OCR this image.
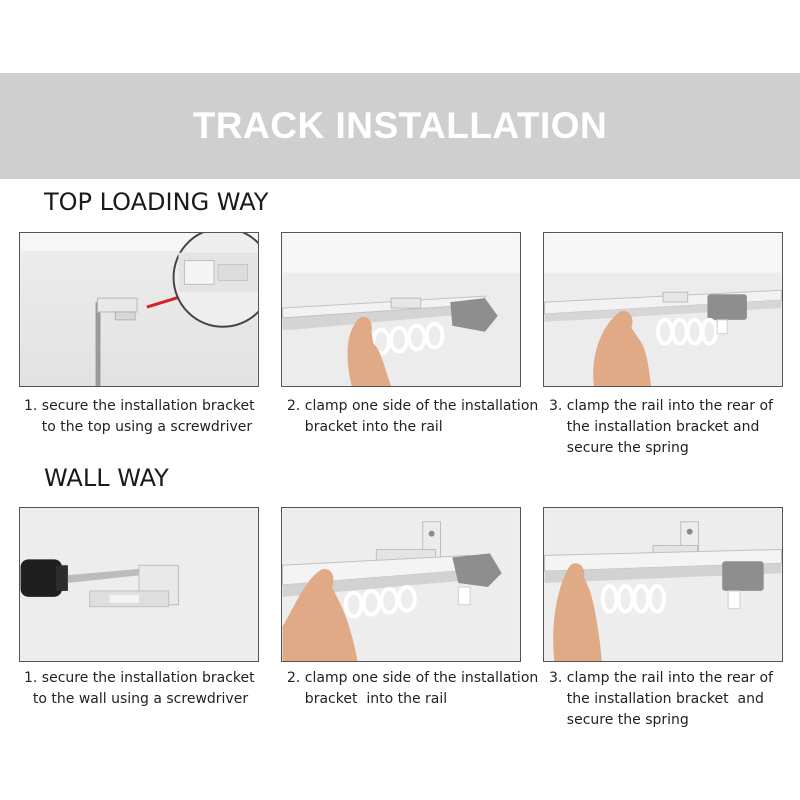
TRACK INSTALLATION
TOP LOADING WAY
1. secure the installation bracket
to the top using a screwdriver
2. clamp one side of the installation
bracket into the rail
3. clamp the rail into the rear of
the installation bracket and
secure the spring
WALL WAY
1. secure the installation bracket
to the wall using a screwdriver
2. clamp one side of the installation
bracket  into the rail
3. clamp the rail into the rear of
the installation bracket  and
secure the spring
